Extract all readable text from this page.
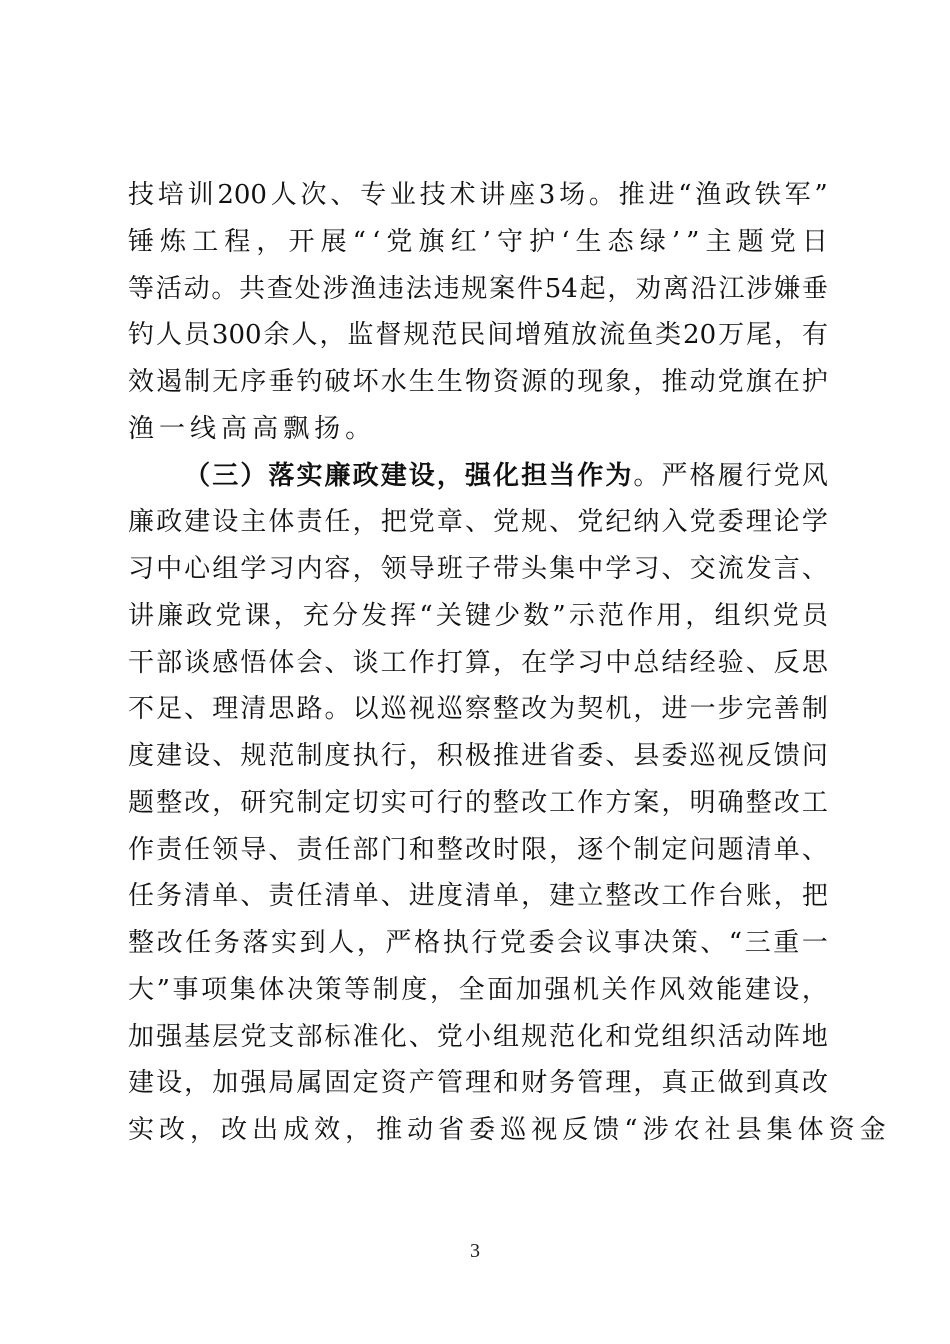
技 培 训 200 人 次 、 专 业 技 术 讲 座 3 场 。 推 进 “ 渔 政 铁 军 ”
锤 炼 工 程 ， 开 展 “ ‘ 党 旗 红 ’ 守 护 ‘ 生 态 绿 ’ ” 主 题 党 日
等 活 动 。 共 查 处 涉 渔 违 法 违 规 案 件 54 起 ， 劝 离 沿 江 涉 嫌 垂
钓 人 员 300 余 人 ， 监 督 规 范 民 间 增 殖 放 流 鱼 类 20 万 尾 ， 有
效 遏 制 无 序 垂 钓 破 坏 水 生 生 物 资 源 的 现 象 ， 推 动 党 旗 在 护
渔 一 线 高 高 飘 扬 。

（ 三 ） 落 实 廉 政 建 设 ， 强 化 担 当 作 为 。 严 格 履 行 党 风
廉 政 建 设 主 体 责 任 ， 把 党 章 、 党 规 、 党 纪 纳 入 党 委 理 论 学
习 中 心 组 学 习 内 容 ， 领 导 班 子 带 头 集 中 学 习 、 交 流 发 言 、
讲 廉 政 党 课 ， 充 分 发 挥 “ 关 键 少 数 ” 示 范 作 用 ， 组 织 党 员
干 部 谈 感 悟 体 会 、 谈 工 作 打 算 ， 在 学 习 中 总 结 经 验 、 反 思
不 足 、 理 清 思 路 。 以 巡 视 巡 察 整 改 为 契 机 ， 进 一 步 完 善 制
度 建 设 、 规 范 制 度 执 行 ， 积 极 推 进 省 委 、 县 委 巡 视 反 馈 问
题 整 改 ， 研 究 制 定 切 实 可 行 的 整 改 工 作 方 案 ， 明 确 整 改 工
作 责 任 领 导 、 责 任 部 门 和 整 改 时 限 ， 逐 个 制 定 问 题 清 单 、
任 务 清 单 、 责 任 清 单 、 进 度 清 单 ， 建 立 整 改 工 作 台 账 ， 把
整 改 任 务 落 实 到 人 ， 严 格 执 行 党 委 会 议 事 决 策 、 “ 三 重 一
大 ” 事 项 集 体 决 策 等 制 度 ， 全 面 加 强 机 关 作 风 效 能 建 设 ，
加 强 基 层 党 支 部 标 准 化 、 党 小 组 规 范 化 和 党 组 织 活 动 阵 地
建 设 ， 加 强 局 属 固 定 资 产 管 理 和 财 务 管 理 ， 真 正 做 到 真 改
实 改 ， 改 出 成 效 ， 推 动 省 委 巡 视 反 馈 “ 涉 农 社 县 集 体 资 金
3
